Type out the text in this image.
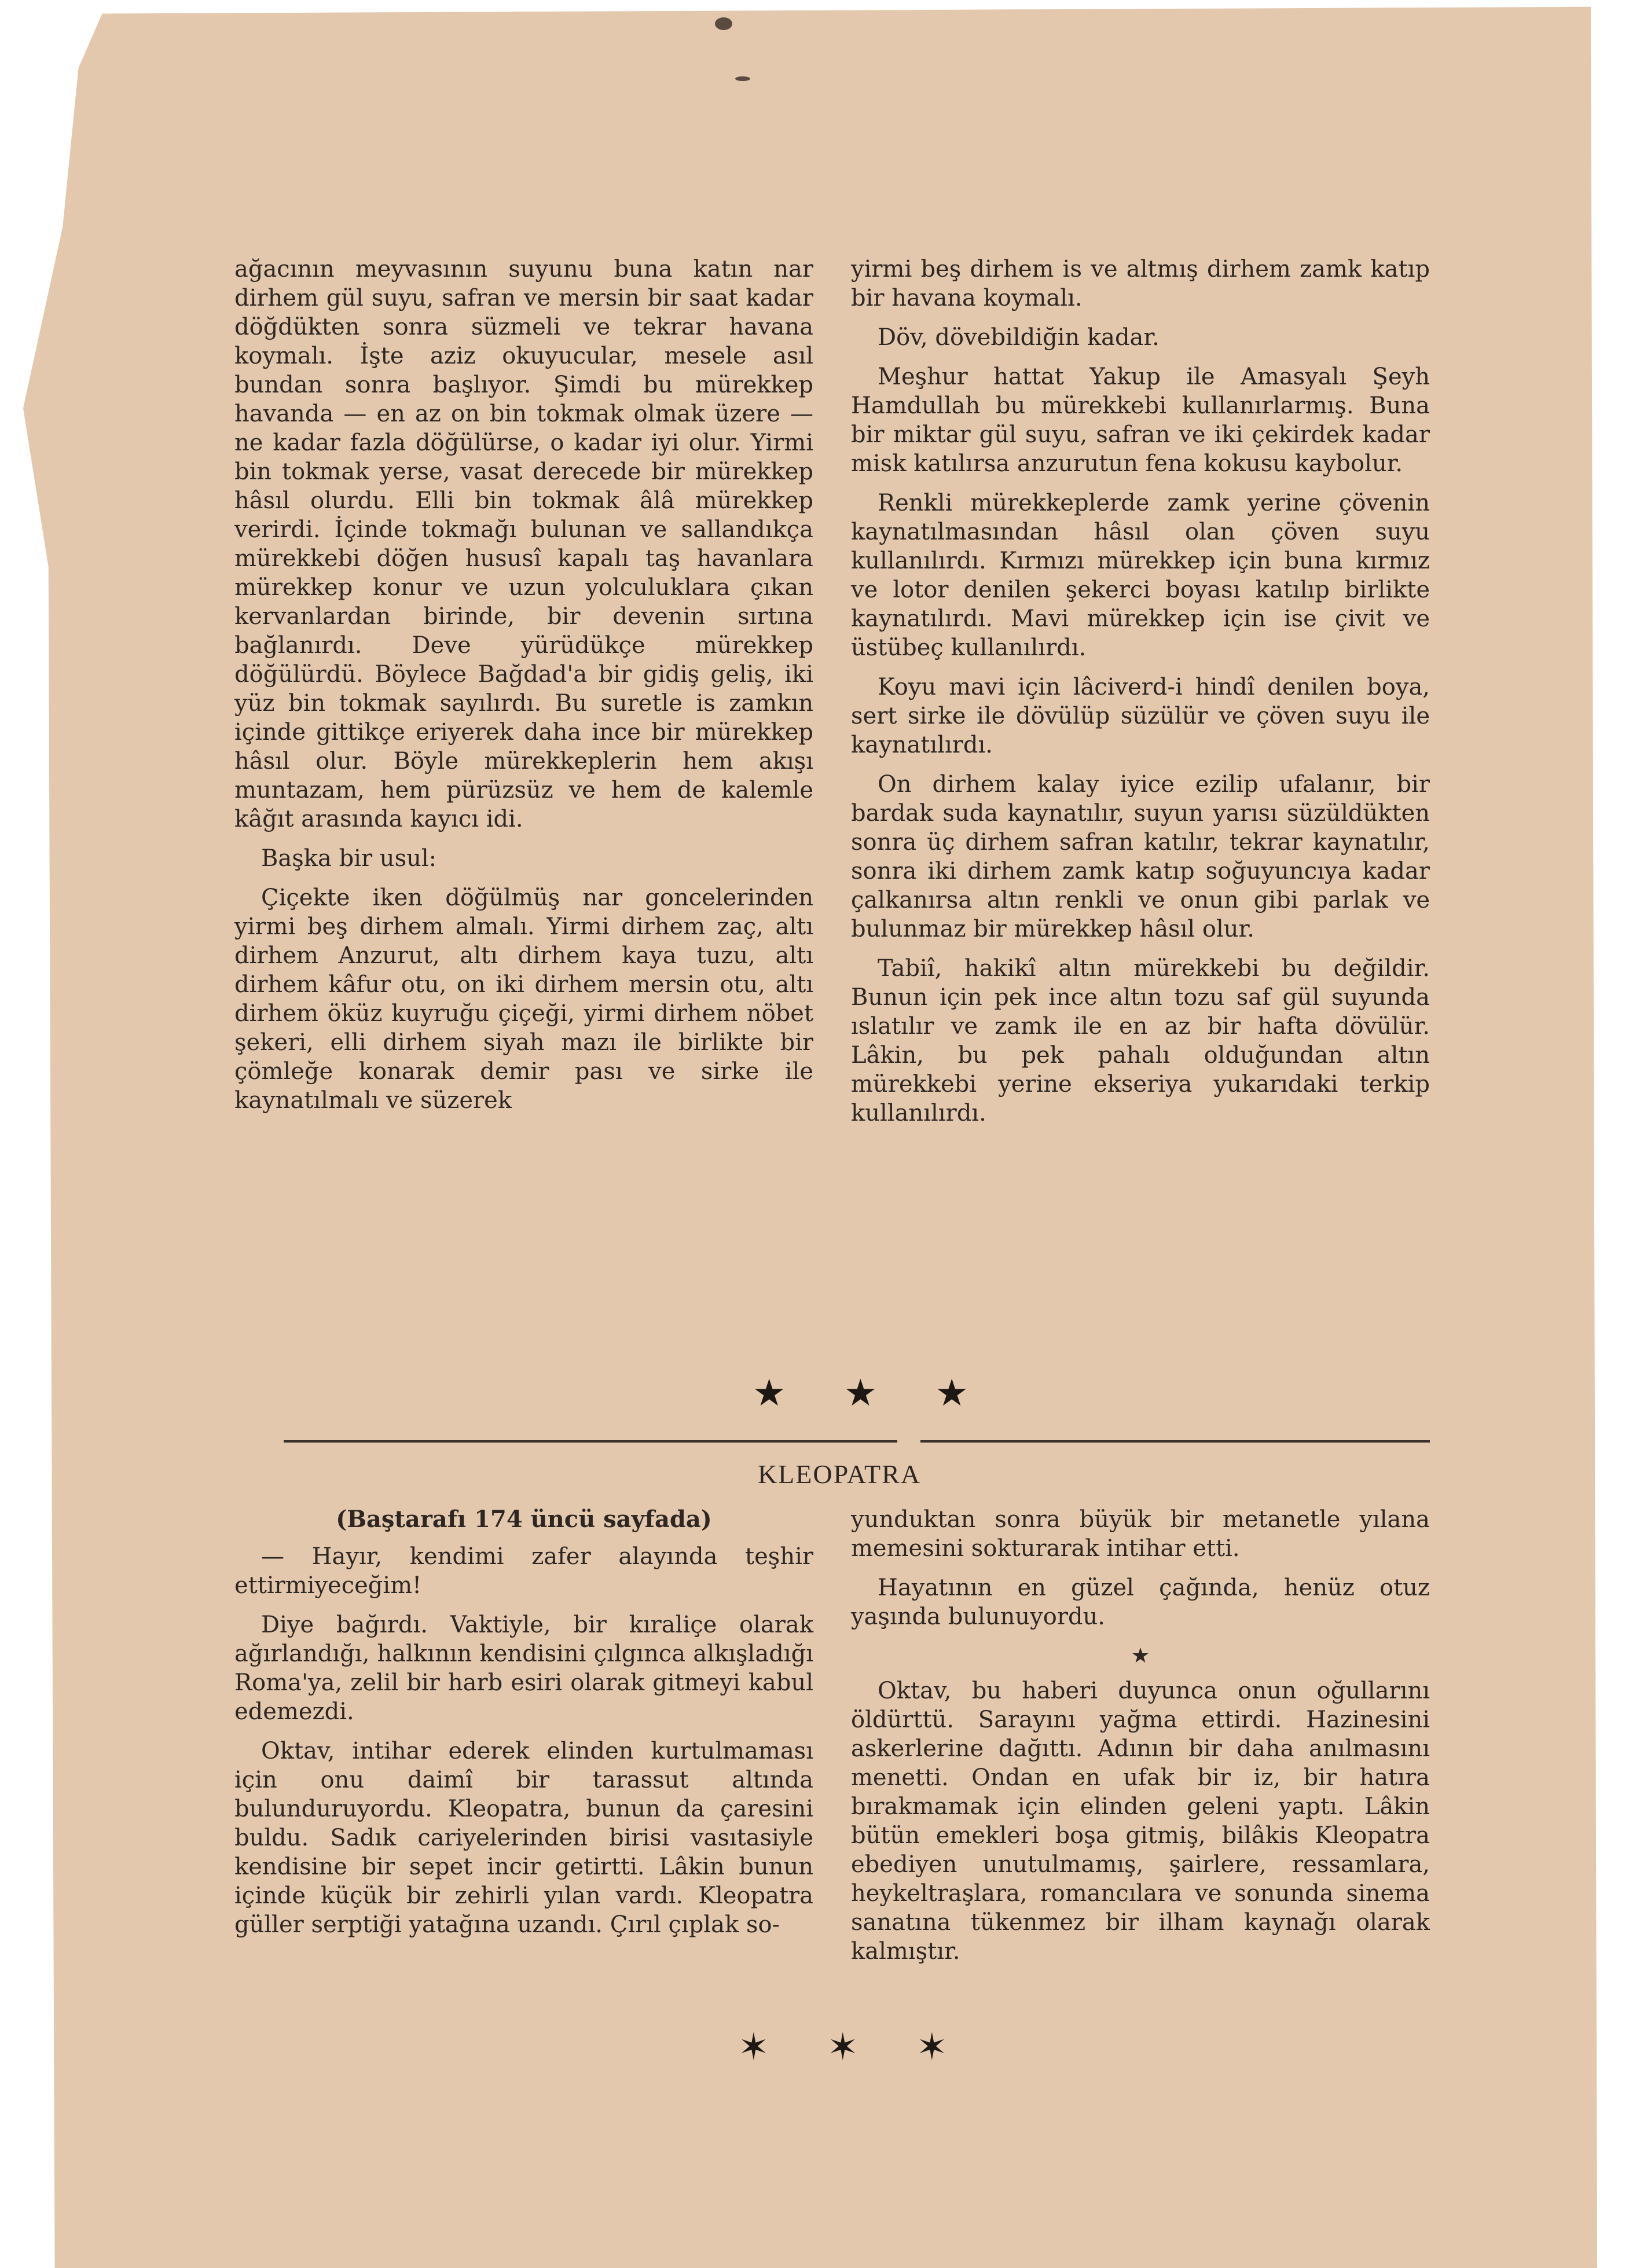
ağacının meyvasının suyunu buna katın nar dirhem gül suyu, safran ve mersin bir saat kadar döğdükten sonra süzmeli ve tekrar havana koymalı. İşte aziz okuyucular, mesele asıl bundan sonra başlıyor. Şimdi bu mürekkep havanda — en az on bin tokmak olmak üzere — ne kadar fazla döğülürse, o kadar iyi olur. Yirmi bin tokmak yerse, vasat derecede bir mürekkep hâsıl olurdu. Elli bin tokmak âlâ mürekkep verirdi. İçinde tokmağı bulunan ve sallandıkça mürekkebi döğen hususî kapalı taş havanlara mürekkep konur ve uzun yolculuklara çıkan kervanlardan birinde, bir devenin sırtına bağlanırdı. Deve yürüdükçe mürekkep döğülürdü. Böylece Bağdad'a bir gidiş geliş, iki yüz bin tokmak sayılırdı. Bu suretle is zamkın içinde gittikçe eriyerek daha ince bir mürekkep hâsıl olur. Böyle mürekkeplerin hem akışı muntazam, hem pürüzsüz ve hem de kalemle kâğıt arasında kayıcı idi.

Başka bir usul:

Çiçekte iken döğülmüş nar goncelerinden yirmi beş dirhem almalı. Yirmi dirhem zaç, altı dirhem Anzurut, altı dirhem kaya tuzu, altı dirhem kâfur otu, on iki dirhem mersin otu, altı dirhem öküz kuyruğu çiçeği, yirmi dirhem nöbet şekeri, elli dirhem siyah mazı ile birlikte bir çömleğe konarak demir pası ve sirke ile kaynatılmalı ve süzerek

yirmi beş dirhem is ve altmış dirhem zamk katıp bir havana koymalı.

Döv, dövebildiğin kadar.

Meşhur hattat Yakup ile Amasyalı Şeyh Hamdullah bu mürekkebi kullanırlarmış. Buna bir miktar gül suyu, safran ve iki çekirdek kadar misk katılırsa anzurutun fena kokusu kaybolur.

Renkli mürekkeplerde zamk yerine çövenin kaynatılmasından hâsıl olan çöven suyu kullanılırdı. Kırmızı mürekkep için buna kırmız ve lotor denilen şekerci boyası katılıp birlikte kaynatılırdı. Mavi mürekkep için ise çivit ve üstübeç kullanılırdı.

Koyu mavi için lâciverd-i hindî denilen boya, sert sirke ile dövülüp süzülür ve çöven suyu ile kaynatılırdı.

On dirhem kalay iyice ezilip ufalanır, bir bardak suda kaynatılır, suyun yarısı süzüldükten sonra üç dirhem safran katılır, tekrar kaynatılır, sonra iki dirhem zamk katıp soğuyuncıya kadar çalkanırsa altın renkli ve onun gibi parlak ve bulunmaz bir mürekkep hâsıl olur.

Tabiî, hakikî altın mürekkebi bu değildir. Bunun için pek ince altın tozu saf gül suyunda ıslatılır ve zamk ile en az bir hafta dövülür. Lâkin, bu pek pahalı olduğundan altın mürekkebi yerine ekseriya yukarıdaki terkip kullanılırdı.

★ ★ ★
KLEOPATRA

(Baştarafı 174 üncü sayfada)

— Hayır, kendimi zafer alayında teşhir ettirmiyeceğim!

Diye bağırdı. Vaktiyle, bir kıraliçe olarak ağırlandığı, halkının kendisini çılgınca alkışladığı Roma'ya, zelil bir harb esiri olarak gitmeyi kabul edemezdi.

Oktav, intihar ederek elinden kurtulmaması için onu daimî bir tarassut altında bulunduruyordu. Kleopatra, bunun da çaresini buldu. Sadık cariyelerinden birisi vasıtasiyle kendisine bir sepet incir getirtti. Lâkin bunun içinde küçük bir zehirli yılan vardı. Kleopatra güller serptiği yatağına uzandı. Çırıl çıplak so-

yunduktan sonra büyük bir metanetle yılana memesini sokturarak intihar etti.

Hayatının en güzel çağında, henüz otuz yaşında bulunuyordu.

★

Oktav, bu haberi duyunca onun oğullarını öldürttü. Sarayını yağma ettirdi. Hazinesini askerlerine dağıttı. Adının bir daha anılmasını menetti. Ondan en ufak bir iz, bir hatıra bırakmamak için elinden geleni yaptı. Lâkin bütün emekleri boşa gitmiş, bilâkis Kleopatra ebediyen unutulmamış, şairlere, ressamlara, heykeltraşlara, romancılara ve sonunda sinema sanatına tükenmez bir ilham kaynağı olarak kalmıştır.

✶ ✶ ✶
